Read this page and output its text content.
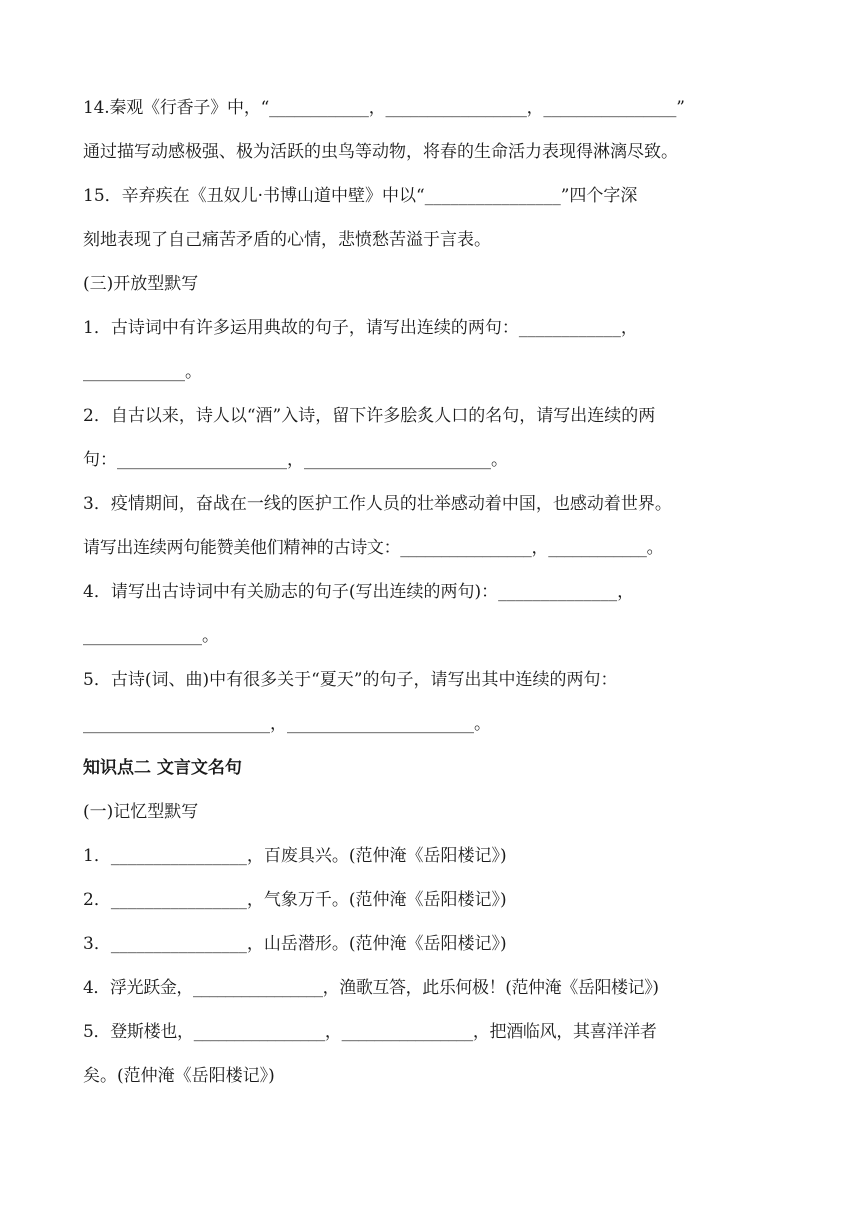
14.秦观《行香子》中，“____________，_________________，________________”
通过描写动感极强、极为活跃的虫鸟等动物，将春的生命活力表现得淋漓尽致。
15．辛弃疾在《丑奴儿·书博山道中壁》中以“________________”四个字深
刻地表现了自己痛苦矛盾的心情，悲愤愁苦溢于言表。
(三)开放型默写
1．古诗词中有许多运用典故的句子，请写出连续的两句：____________，
____________。
2．自古以来，诗人以“酒”入诗，留下许多脍炙人口的名句，请写出连续的两
句：____________________，______________________。
3．疫情期间，奋战在一线的医护工作人员的壮举感动着中国，也感动着世界。
请写出连续两句能赞美他们精神的古诗文：________________，____________。
4．请写出古诗词中有关励志的句子(写出连续的两句)：______________，
______________。
5．古诗(词、曲)中有很多关于“夏天”的句子，请写出其中连续的两句：
______________________，______________________。
知识点二 文言文名句
(一)记忆型默写
1．________________，百废具兴。(范仲淹《岳阳楼记》)
2．________________，气象万千。(范仲淹《岳阳楼记》)
3．________________，山岳潜形。(范仲淹《岳阳楼记》)
4．浮光跃金，________________，渔歌互答，此乐何极！(范仲淹《岳阳楼记》)
5．登斯楼也，________________，________________，把酒临风，其喜洋洋者
矣。(范仲淹《岳阳楼记》)
